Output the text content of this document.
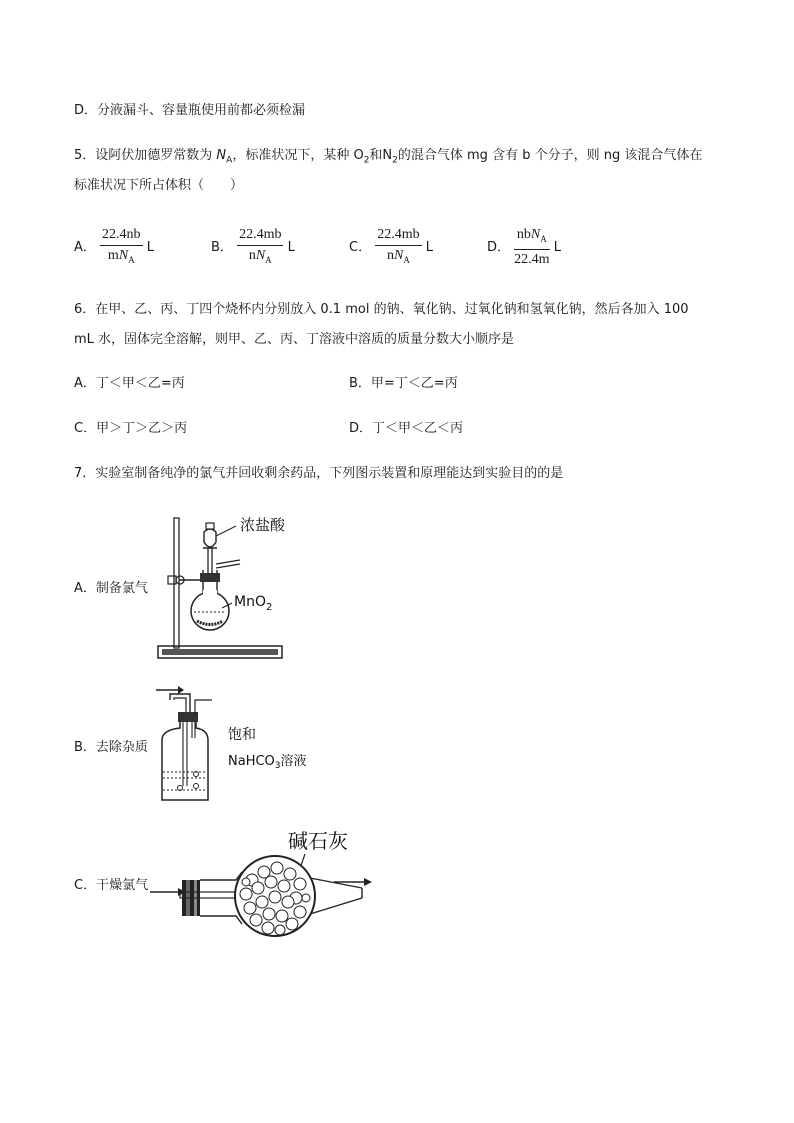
D．分液漏斗、容量瓶使用前都必须检漏
5．设阿伏加德罗常数为 $N_A$，标准状况下，某种 $O_2$和$N_2$的混合气体 mg 含有 b 个分子，则 ng 该混合气体在
标准状况下所占体积（　　）
A． $\frac{22.4nb}{mN_A}$ L	B． $\frac{22.4mb}{nN_A}$ L	C． $\frac{22.4mb}{nN_A}$ L	D． $\frac{nbN_A}{22.4m}$ L
6．在甲、乙、丙、丁四个烧杯内分别放入 0.1 mol 的钠、氧化钠、过氧化钠和氢氧化钠，然后各加入 100
mL 水，固体完全溶解，则甲、乙、丙、丁溶液中溶质的质量分数大小顺序是
A．丁＜甲＜乙=丙	B．甲=丁＜乙=丙
C．甲＞丁＞乙＞丙	D．丁＜甲＜乙＜丙
7．实验室制备纯净的氯气并回收剩余药品，下列图示装置和原理能达到实验目的的是
A．制备氯气
B．去除杂质
C．干燥氯气
浓盐酸
MnO$_2$
饱和
NaHCO$_3$溶液
碱石灰
